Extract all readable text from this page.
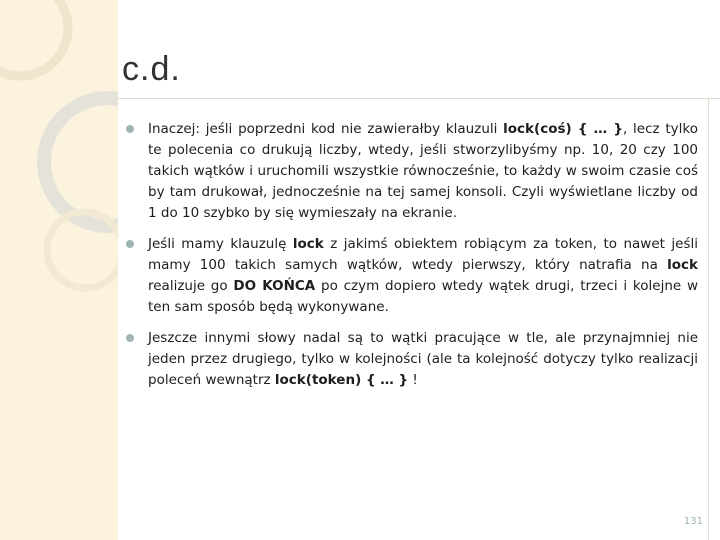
c.d.
Inaczej: jeśli poprzedni kod nie zawierałby klauzuli lock(coś) { … }, lecz tylko te polecenia co drukują liczby, wtedy, jeśli stworzylibyśmy np. 10, 20 czy 100 takich wątków i uruchomili wszystkie równocześnie, to każdy w swoim czasie coś by tam drukował, jednocześnie na tej samej konsoli. Czyli wyświetlane liczby od 1 do 10 szybko by się wymieszały na ekranie.
Jeśli mamy klauzulę lock z jakimś obiektem robiącym za token, to nawet jeśli mamy 100 takich samych wątków, wtedy pierwszy, który natrafia na lock realizuje go DO KOŃCA po czym dopiero wtedy wątek drugi, trzeci i kolejne w ten sam sposób będą wykonywane.
Jeszcze innymi słowy nadal są to wątki pracujące w tle, ale przynajmniej nie jeden przez drugiego, tylko w kolejności (ale ta kolejność dotyczy tylko realizacji poleceń wewnątrz lock(token) { … } !
131
